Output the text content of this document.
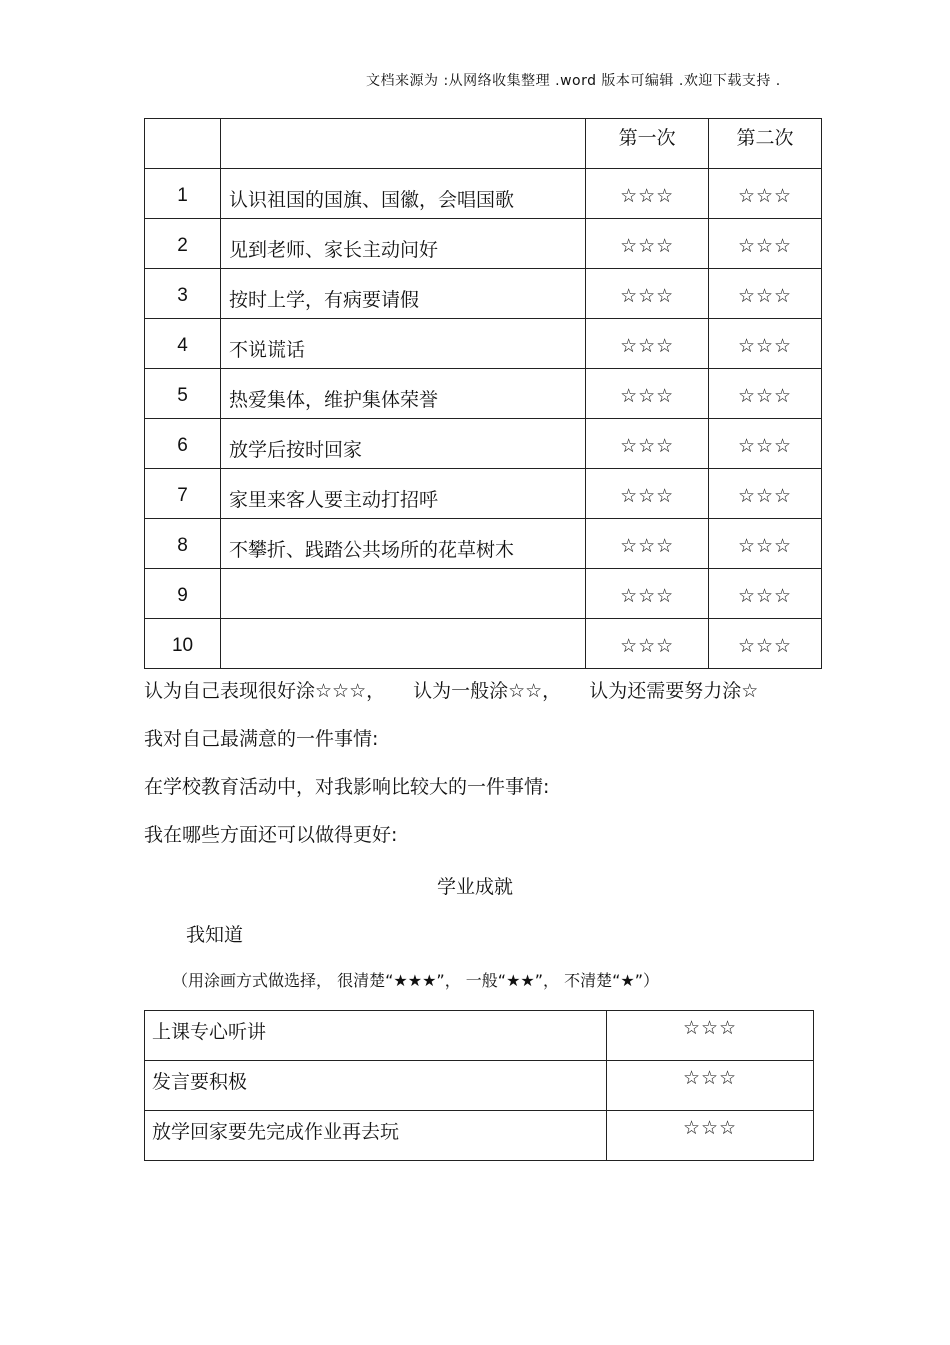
文档来源为 :从网络收集整理 .word 版本可编辑 .欢迎下载支持 .
		第一次	第二次
1	认识祖国的国旗、国徽，会唱国歌	☆☆☆	☆☆☆
2	见到老师、家长主动问好	☆☆☆	☆☆☆
3	按时上学，有病要请假	☆☆☆	☆☆☆
4	不说谎话	☆☆☆	☆☆☆
5	热爱集体，维护集体荣誉	☆☆☆	☆☆☆
6	放学后按时回家	☆☆☆	☆☆☆
7	家里来客人要主动打招呼	☆☆☆	☆☆☆
8	不攀折、践踏公共场所的花草树木	☆☆☆	☆☆☆
9		☆☆☆	☆☆☆
10		☆☆☆	☆☆☆
认为自己表现很好涂☆☆☆， 认为一般涂☆☆， 认为还需要努力涂☆
我对自己最满意的一件事情:
在学校教育活动中，对我影响比较大的一件事情:
我在哪些方面还可以做得更好:
学业成就
我知道
（用涂画方式做选择， 很清楚“★★★”， 一般“★★”， 不清楚“★”）
上课专心听讲	☆☆☆
发言要积极	☆☆☆
放学回家要先完成作业再去玩	☆☆☆
